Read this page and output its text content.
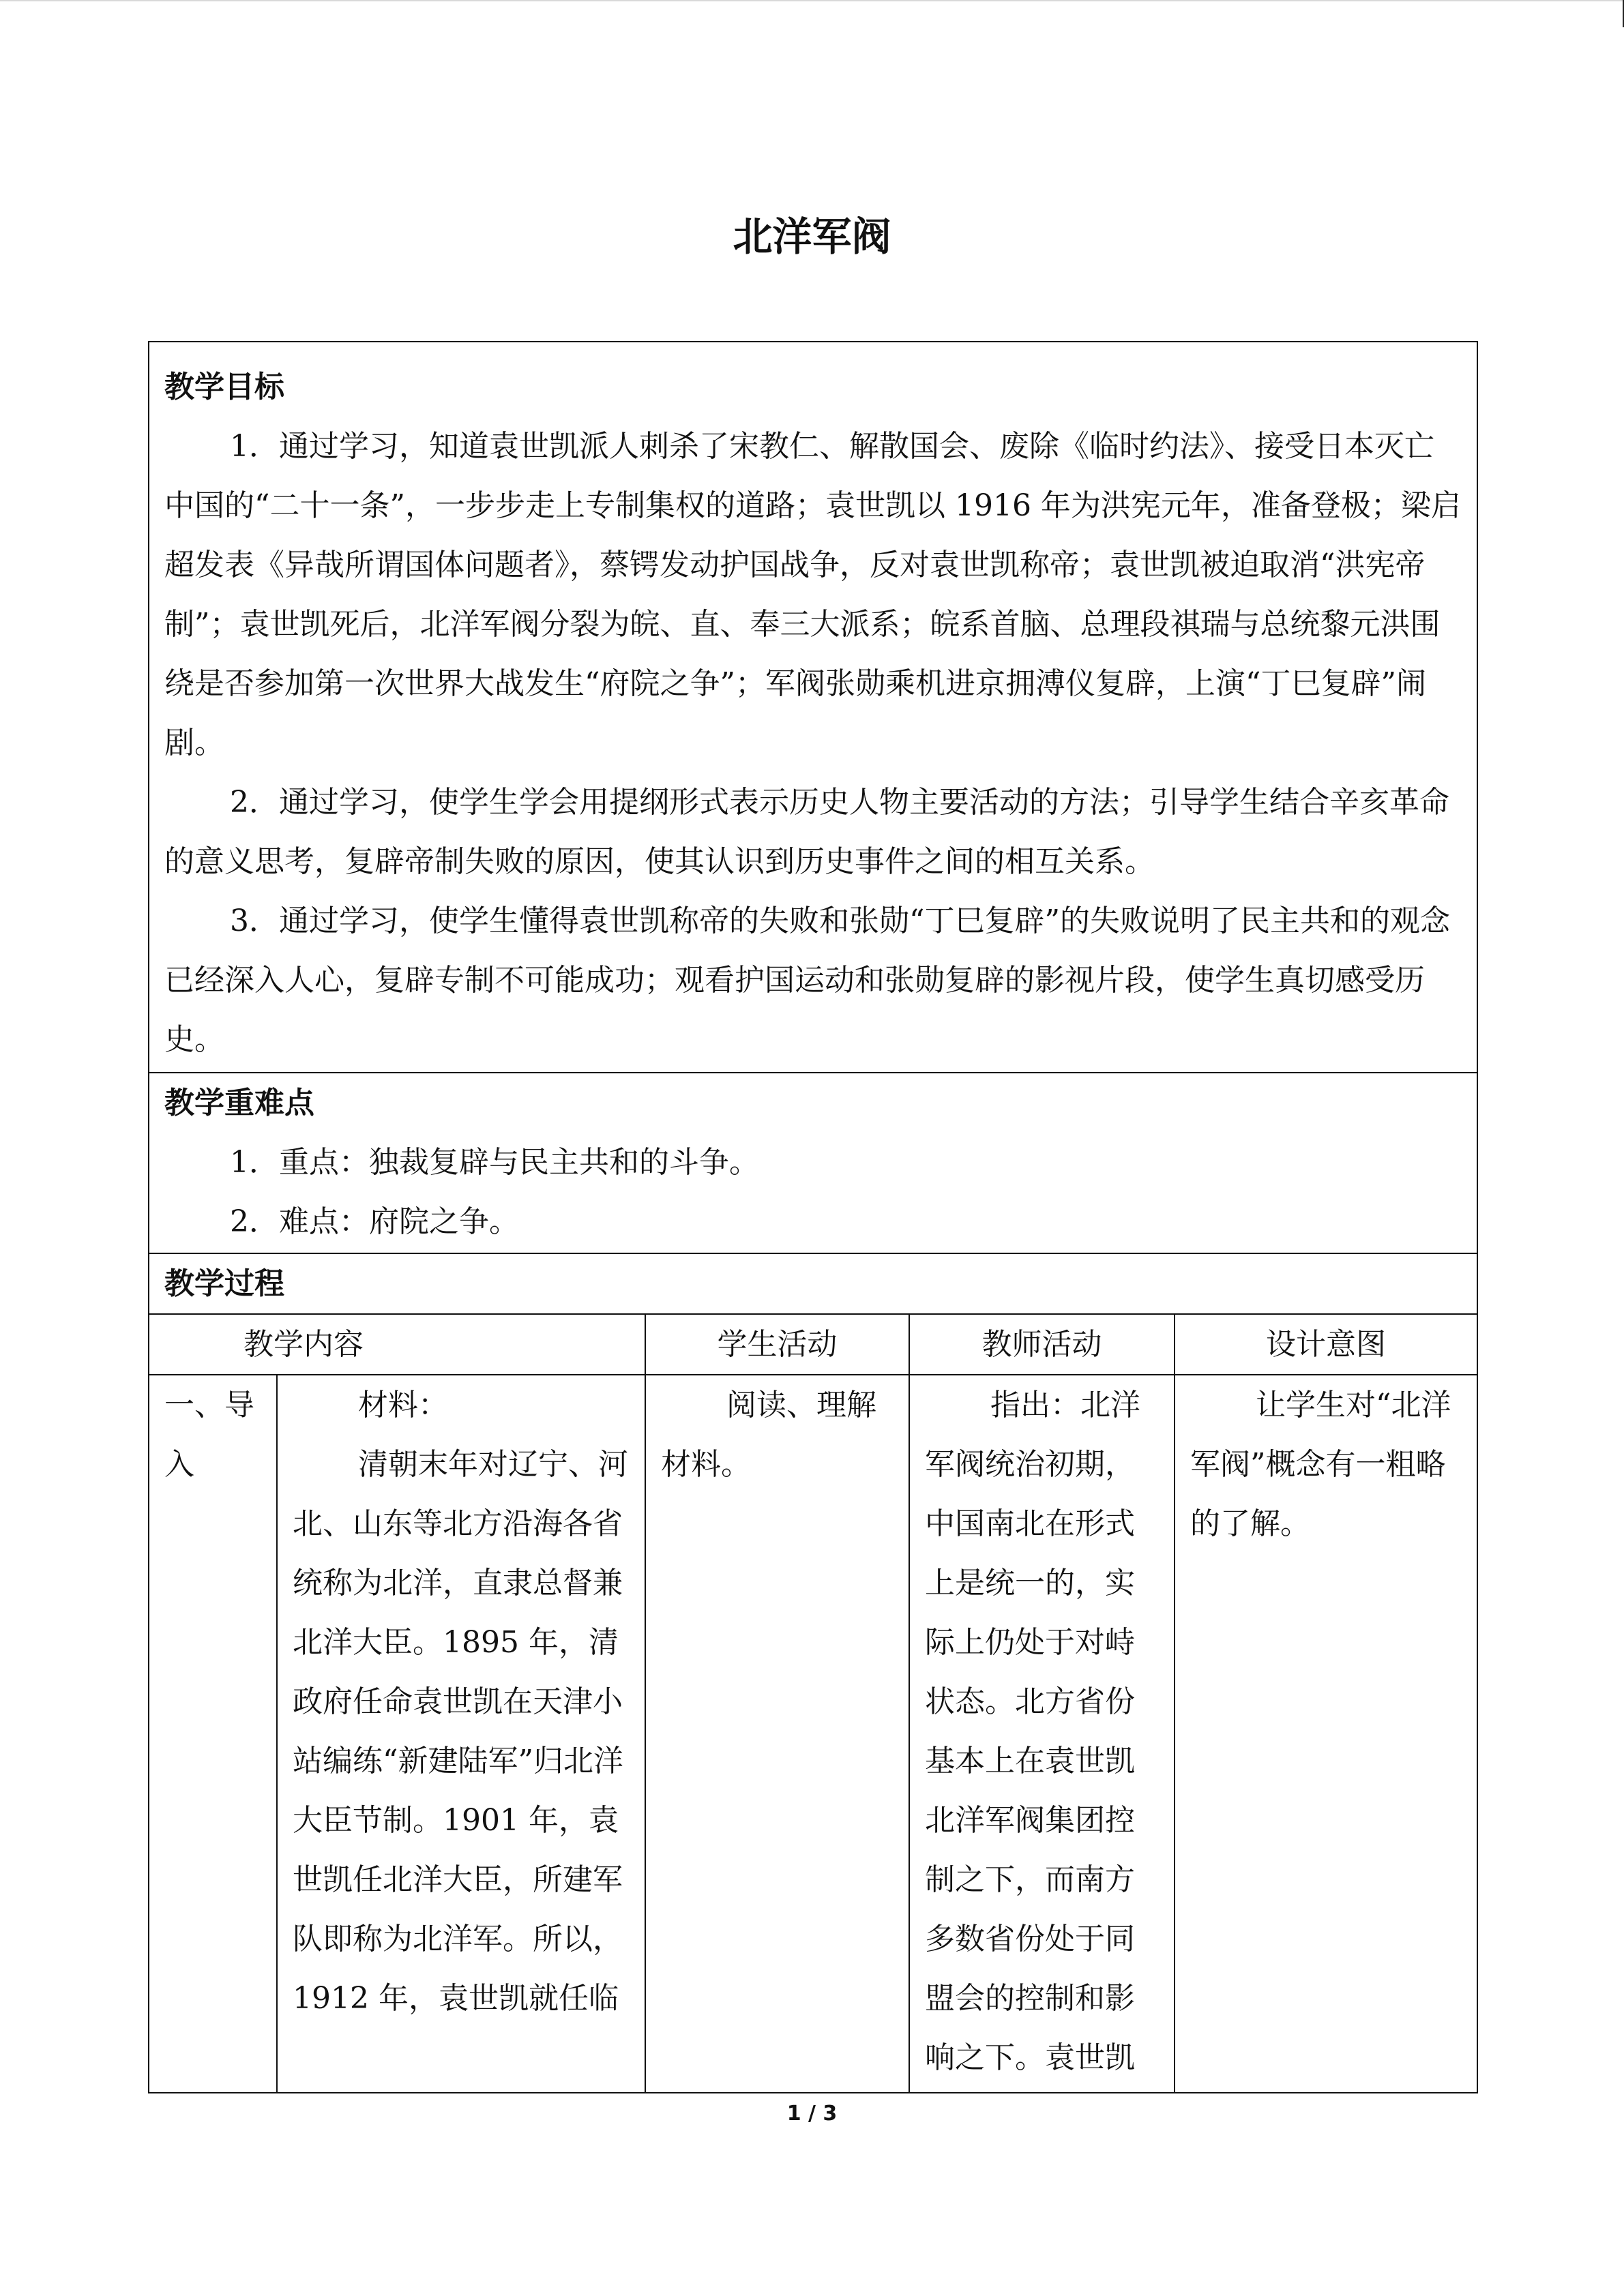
北洋军阀
教学目标

1．通过学习，知道袁世凯派人刺杀了宋教仁、解散国会、废除《临时约法》、接受日本灭亡中国的“二十一条”，一步步走上专制集权的道路；袁世凯以 1916 年为洪宪元年，准备登极；梁启超发表《异哉所谓国体问题者》，蔡锷发动护国战争，反对袁世凯称帝；袁世凯被迫取消“洪宪帝制”；袁世凯死后，北洋军阀分裂为皖、直、奉三大派系；皖系首脑、总理段祺瑞与总统黎元洪围绕是否参加第一次世界大战发生“府院之争”；军阀张勋乘机进京拥溥仪复辟，上演“丁巳复辟”闹剧。

2．通过学习，使学生学会用提纲形式表示历史人物主要活动的方法；引导学生结合辛亥革命的意义思考，复辟帝制失败的原因，使其认识到历史事件之间的相互关系。

3．通过学习，使学生懂得袁世凯称帝的失败和张勋“丁巳复辟”的失败说明了民主共和的观念已经深入人心，复辟专制不可能成功；观看护国运动和张勋复辟的影视片段，使学生真切感受历史。				

教学重难点

1．重点：独裁复辟与民主共和的斗争。

2．难点：府院之争。				

教学过程				

教学内容		学生活动	教师活动	设计意图
一、导入	材料：

清朝末年对辽宁、河北、山东等北方沿海各省统称为北洋，直隶总督兼北洋大臣。1895 年，清政府任命袁世凯在天津小站编练“新建陆军”归北洋大臣节制。1901 年，袁世凯任北洋大臣，所建军队即称为北洋军。所以，1912 年，袁世凯就任临	阅读、理解材料。	指出：北洋军阀统治初期，中国南北在形式上是统一的，实际上仍处于对峙状态。北方省份基本上在袁世凯北洋军阀集团控制之下，而南方多数省份处于同盟会的控制和影响之下。袁世凯	让学生对“北洋军阀”概念有一粗略的了解。

1 / 3
